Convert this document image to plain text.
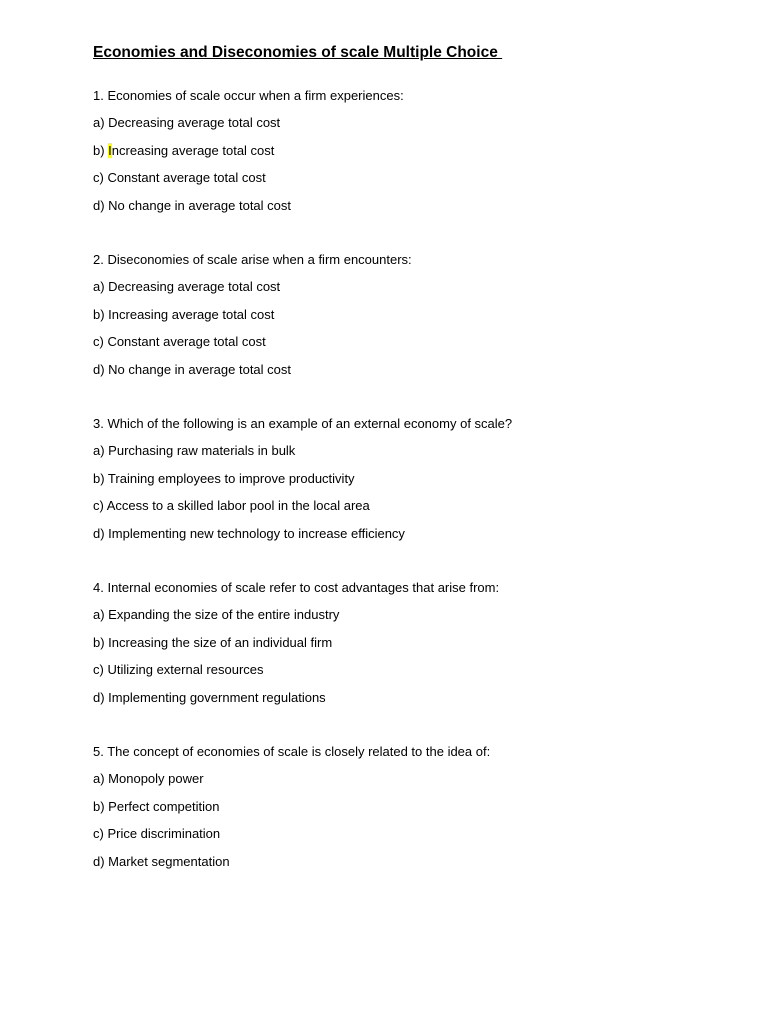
Economies and Diseconomies of scale Multiple Choice
1. Economies of scale occur when a firm experiences:
a) Decreasing average total cost
b) Increasing average total cost
c) Constant average total cost
d) No change in average total cost
2. Diseconomies of scale arise when a firm encounters:
a) Decreasing average total cost
b) Increasing average total cost
c) Constant average total cost
d) No change in average total cost
3. Which of the following is an example of an external economy of scale?
a) Purchasing raw materials in bulk
b) Training employees to improve productivity
c) Access to a skilled labor pool in the local area
d) Implementing new technology to increase efficiency
4. Internal economies of scale refer to cost advantages that arise from:
a) Expanding the size of the entire industry
b) Increasing the size of an individual firm
c) Utilizing external resources
d) Implementing government regulations
5. The concept of economies of scale is closely related to the idea of:
a) Monopoly power
b) Perfect competition
c) Price discrimination
d) Market segmentation
